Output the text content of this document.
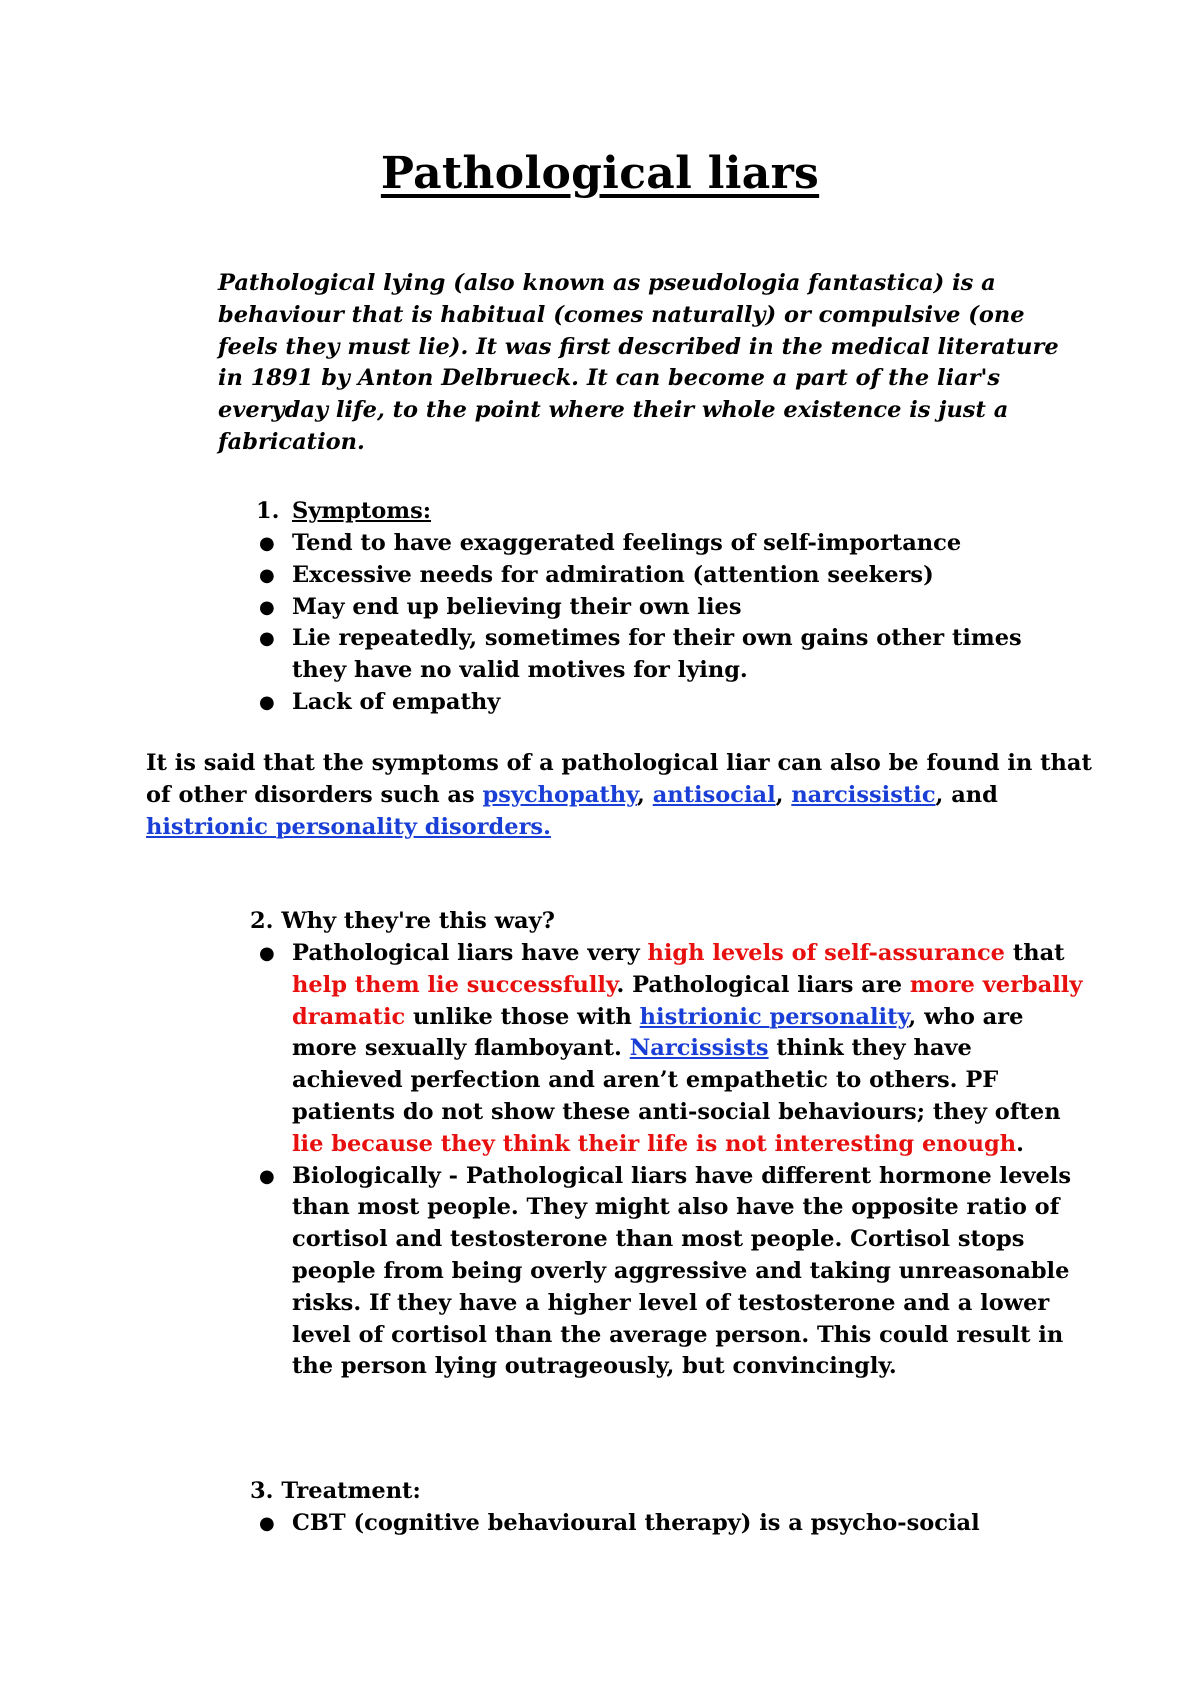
Pathological liars

Pathological lying (also known as pseudologia fantastica) is a behaviour that is habitual (comes naturally) or compulsive (one feels they must lie). It was first described in the medical literature in 1891 by Anton Delbrueck. It can become a part of the liar's everyday life, to the point where their whole existence is just a fabrication.

1. Symptoms:
● Tend to have exaggerated feelings of self-importance
● Excessive needs for admiration (attention seekers)
● May end up believing their own lies
● Lie repeatedly, sometimes for their own gains other times they have no valid motives for lying.
● Lack of empathy

It is said that the symptoms of a pathological liar can also be found in that of other disorders such as psychopathy, antisocial, narcissistic, and histrionic personality disorders.

2. Why they're this way?
● Pathological liars have very high levels of self-assurance that help them lie successfully. Pathological liars are more verbally dramatic unlike those with histrionic personality, who are more sexually flamboyant. Narcissists think they have achieved perfection and aren’t empathetic to others. PF patients do not show these anti-social behaviours; they often lie because they think their life is not interesting enough.
● Biologically - Pathological liars have different hormone levels than most people. They might also have the opposite ratio of cortisol and testosterone than most people. Cortisol stops people from being overly aggressive and taking unreasonable risks. If they have a higher level of testosterone and a lower level of cortisol than the average person. This could result in the person lying outrageously, but convincingly.
3. Treatment:
● CBT (cognitive behavioural therapy) is a psycho-social
